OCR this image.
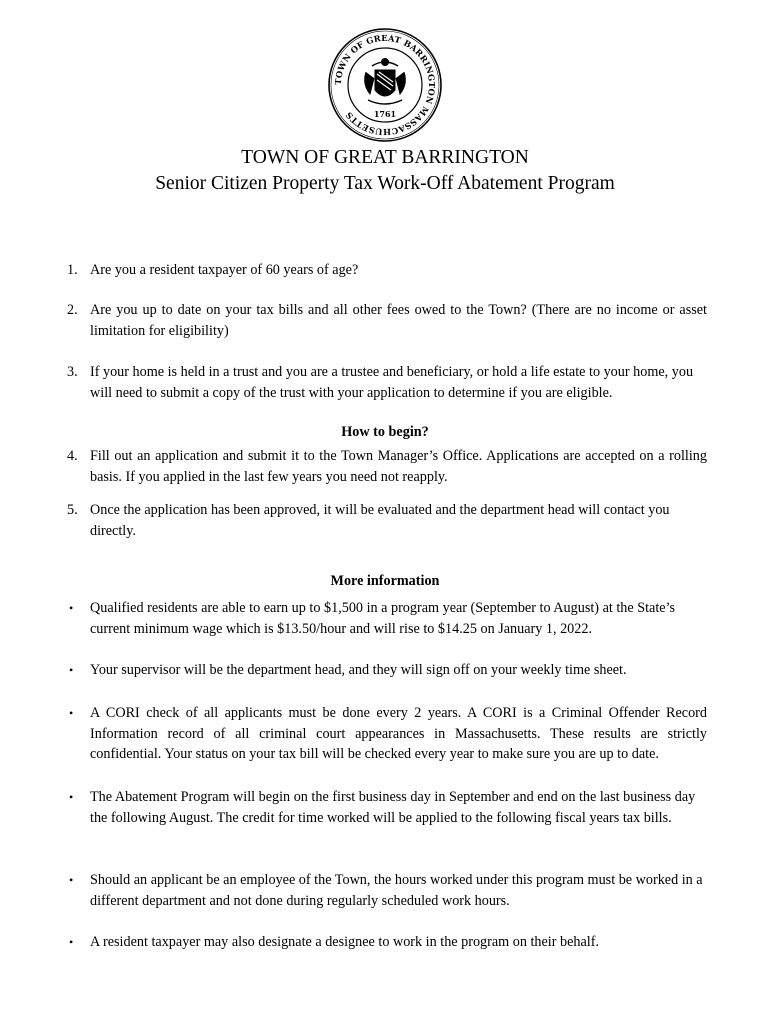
TOWN OF GREAT BARRINGTON MASSACHUSETTS	1761
TOWN OF GREAT BARRINGTON
Senior Citizen Property Tax Work-Off Abatement Program
1. Are you a resident taxpayer of 60 years of age?
2. Are you up to date on your tax bills and all other fees owed to the Town? (There are no income or asset limitation for eligibility)
3. If your home is held in a trust and you are a trustee and beneficiary, or hold a life estate to your home, you will need to submit a copy of the trust with your application to determine if you are eligible.
How to begin?
4. Fill out an application and submit it to the Town Manager’s Office. Applications are accepted on a rolling basis. If you applied in the last few years you need not reapply.
5. Once the application has been approved, it will be evaluated and the department head will contact you directly.
More information
• Qualified residents are able to earn up to $1,500 in a program year (September to August) at the State’s current minimum wage which is $13.50/hour and will rise to $14.25 on January 1, 2022.
• Your supervisor will be the department head, and they will sign off on your weekly time sheet.
• A CORI check of all applicants must be done every 2 years. A CORI is a Criminal Offender Record Information record of all criminal court appearances in Massachusetts. These results are strictly confidential. Your status on your tax bill will be checked every year to make sure you are up to date.
• The Abatement Program will begin on the first business day in September and end on the last business day the following August. The credit for time worked will be applied to the following fiscal years tax bills.
• Should an applicant be an employee of the Town, the hours worked under this program must be worked in a different department and not done during regularly scheduled work hours.
• A resident taxpayer may also designate a designee to work in the program on their behalf.
